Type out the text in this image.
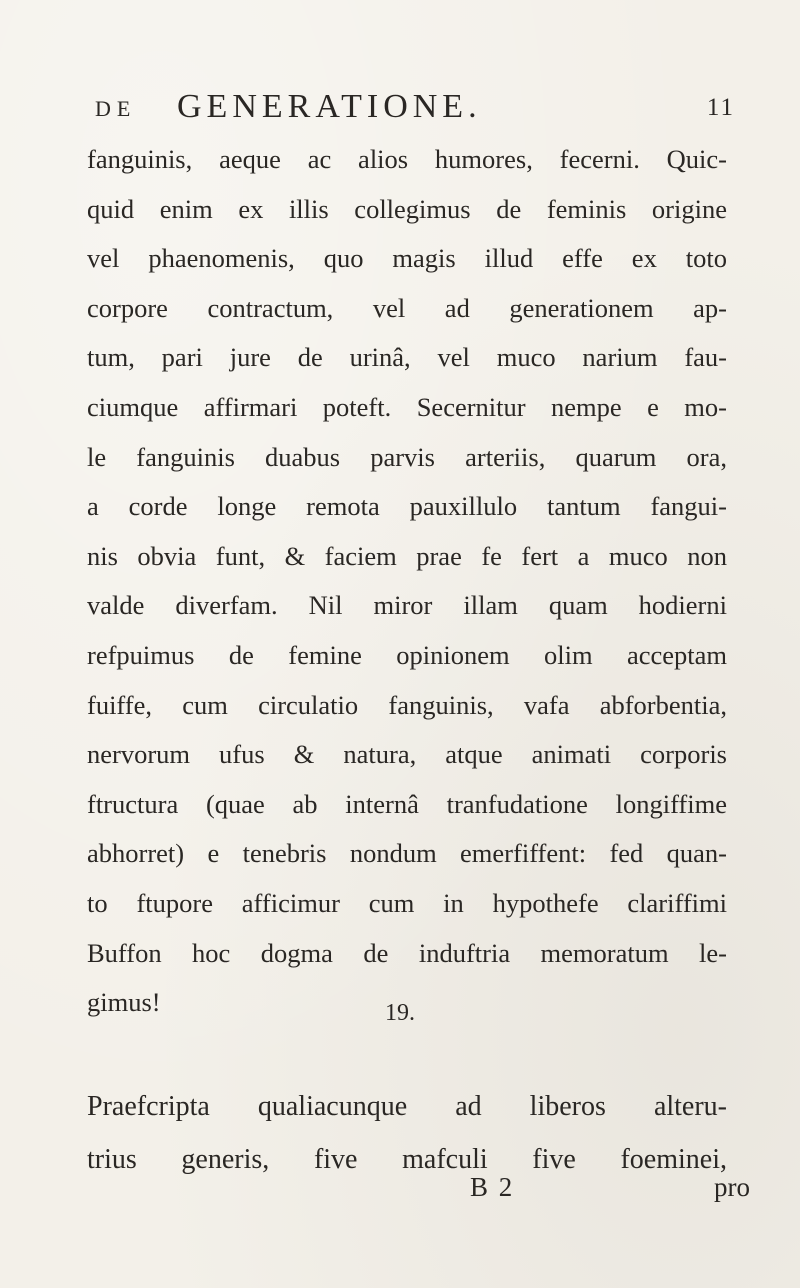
DE GENERATIONE.	11
fanguinis, aeque ac alios humores, fecerni. Quic-
quid enim ex illis collegimus de feminis origine
vel phaenomenis, quo magis illud effe ex toto
corpore contractum, vel ad generationem ap-
tum, pari jure de urinâ, vel muco narium fau-
ciumque affirmari poteft. Secernitur nempe e mo-
le fanguinis duabus parvis arteriis, quarum ora,
a corde longe remota pauxillulo tantum fangui-
nis obvia funt, & faciem prae fe fert a muco non
valde diverfam. Nil miror illam quam hodierni
refpuimus de femine opinionem olim acceptam
fuiffe, cum circulatio fanguinis, vafa abforbentia,
nervorum ufus & natura, atque animati corporis
ftructura (quae ab internâ tranfudatione longiffime
abhorret) e tenebris nondum emerfiffent: fed quan-
to ftupore afficimur cum in hypothefe clariffimi
Buffon hoc dogma de induftria memoratum le-
gimus!	19.
Praefcripta qualiacunque ad liberos alteru-
trius generis, five mafculi five foeminei,
B 2	pro
